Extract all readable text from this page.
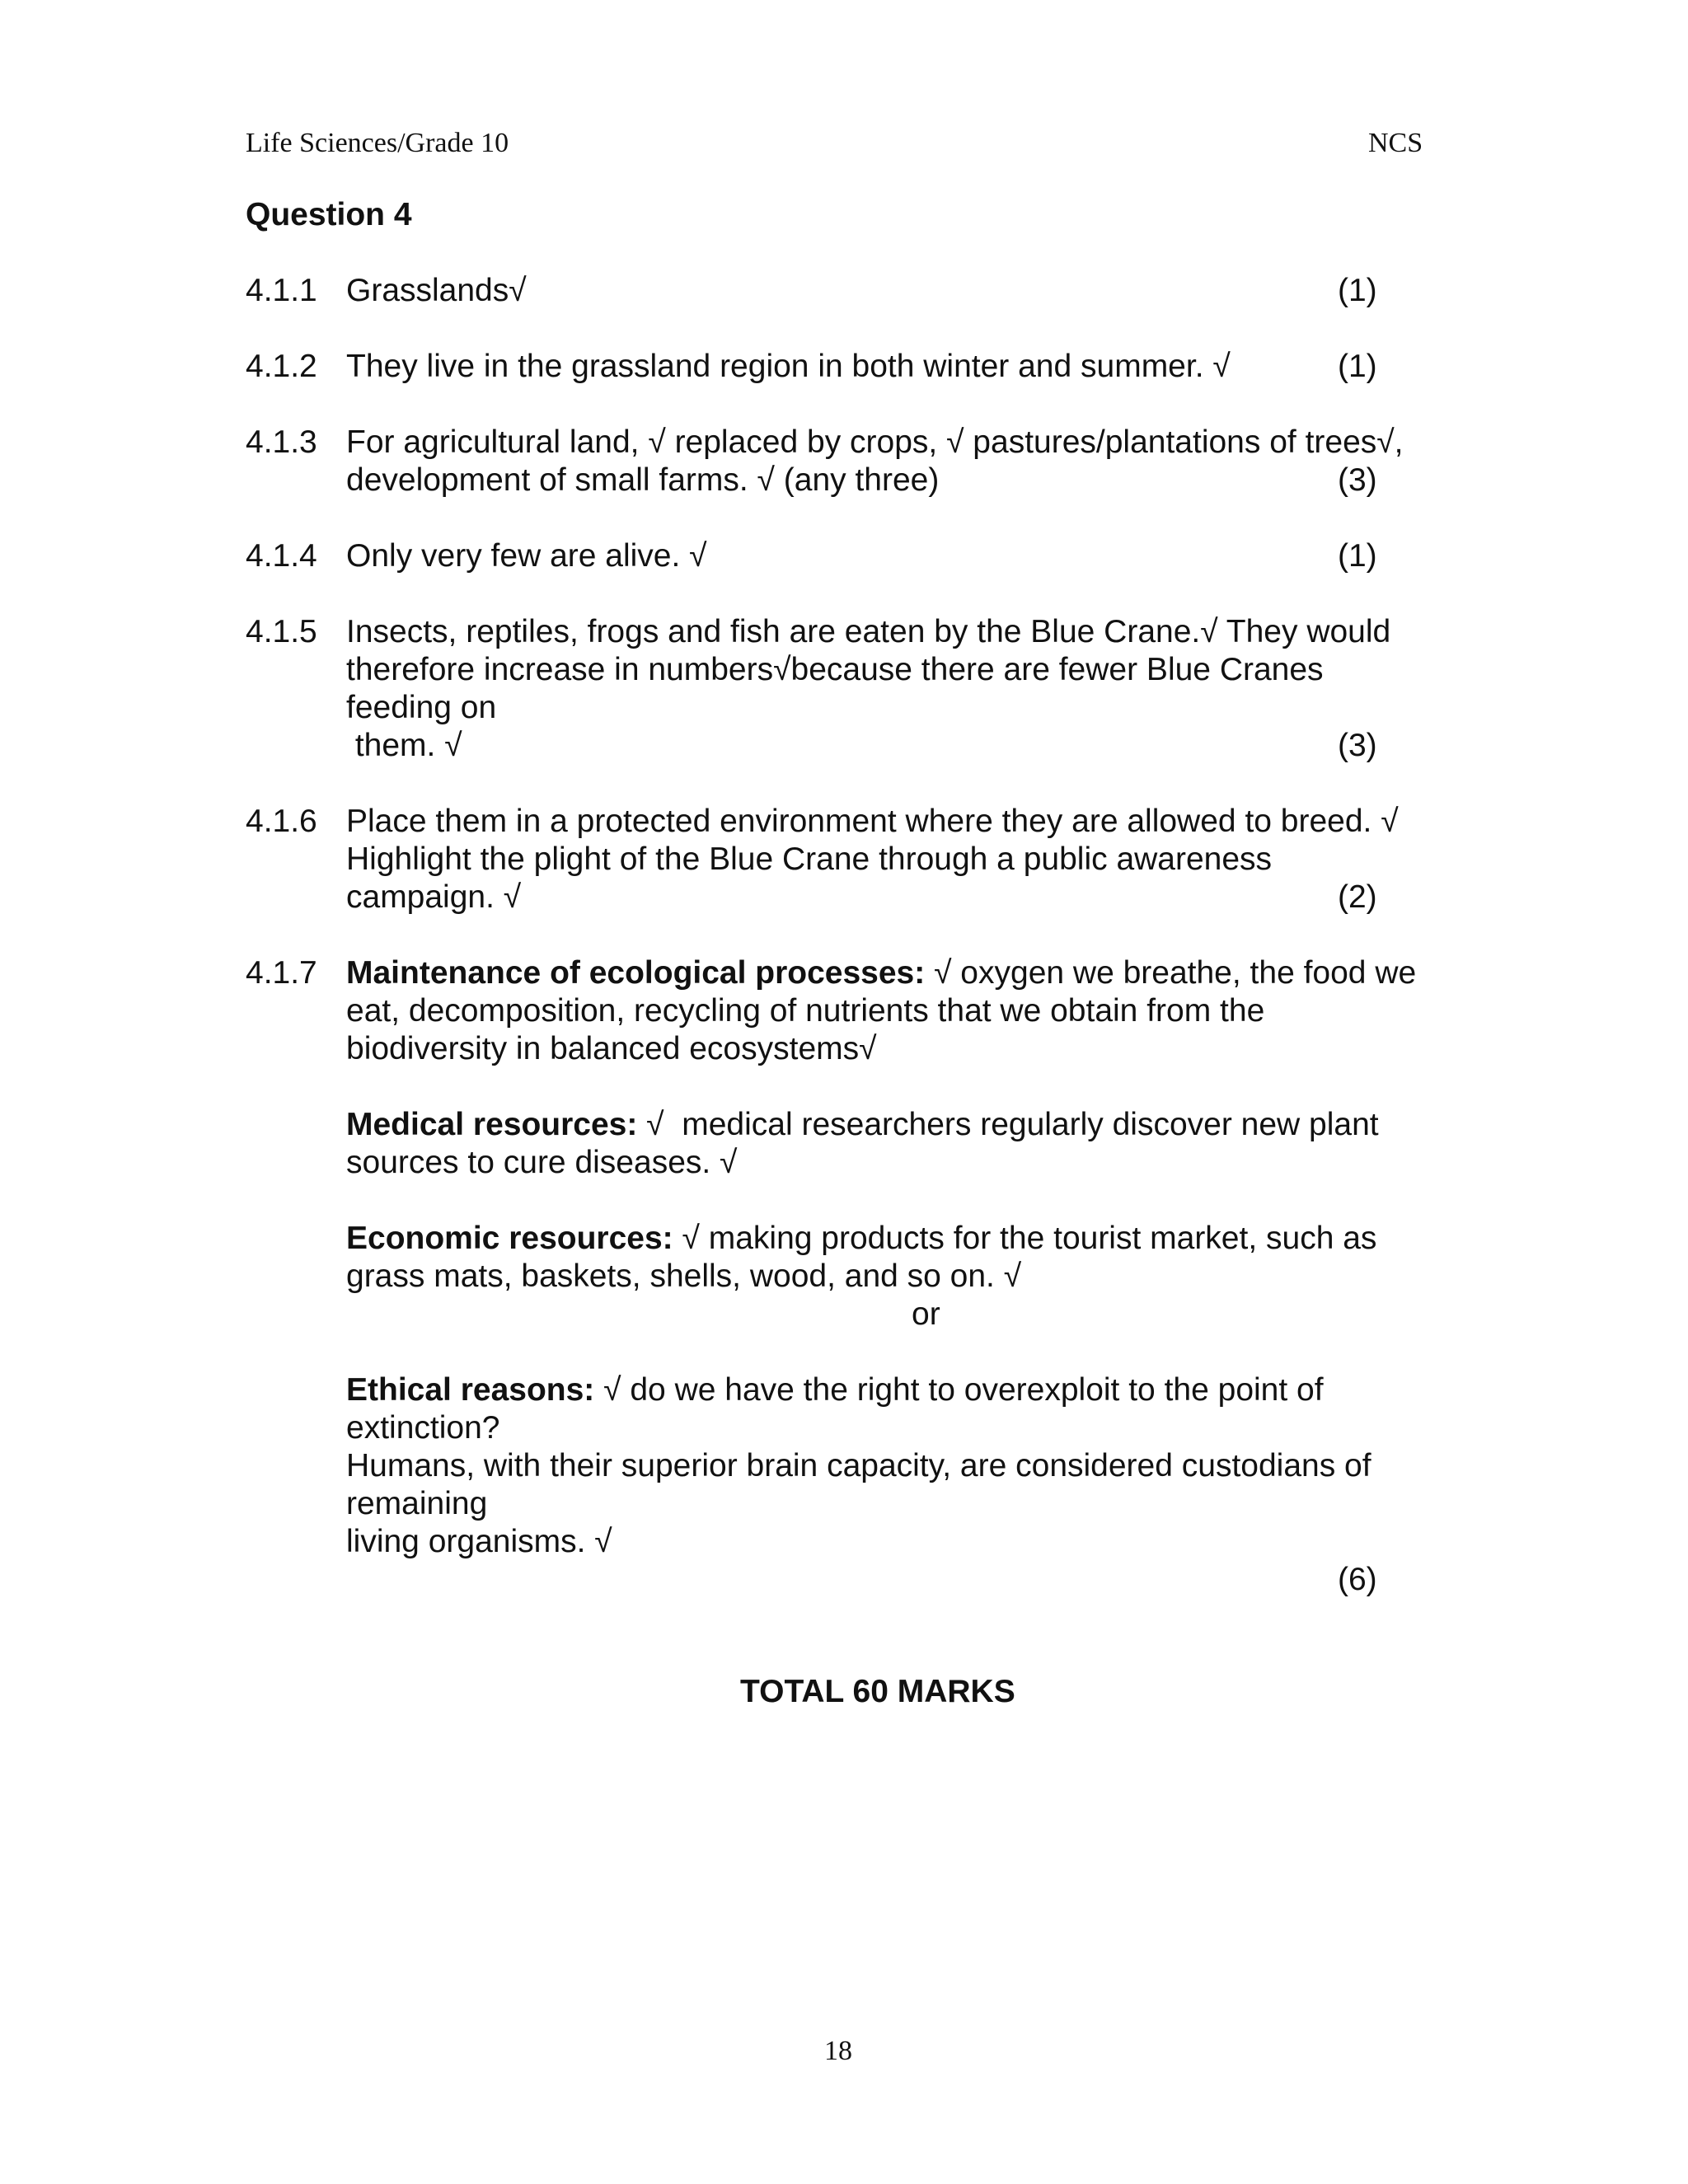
Life Sciences/Grade 10	NCS
Question 4
4.1.1 Grasslands√	(1)
4.1.2 They live in the grassland region in both winter and summer. √	(1)
4.1.3 For agricultural land, √ replaced by crops, √ pastures/plantations of trees√,
development of small farms. √ (any three)	(3)
4.1.4 Only very few are alive. √	(1)
4.1.5 Insects, reptiles, frogs and fish are eaten by the Blue Crane.√ They would
therefore increase in numbers√because there are fewer Blue Cranes
feeding on
them. √	(3)
4.1.6 Place them in a protected environment where they are allowed to breed. √
Highlight the plight of the Blue Crane through a public awareness
campaign. √	(2)
4.1.7 Maintenance of ecological processes: √ oxygen we breathe, the food we
eat, decomposition, recycling of nutrients that we obtain from the
biodiversity in balanced ecosystems√
Medical resources: √  medical researchers regularly discover new plant
sources to cure diseases. √
Economic resources: √ making products for the tourist market, such as
grass mats, baskets, shells, wood, and so on. √
or
Ethical reasons: √ do we have the right to overexploit to the point of
extinction?
Humans, with their superior brain capacity, are considered custodians of
remaining
living organisms. √
(6)
TOTAL 60 MARKS
18
